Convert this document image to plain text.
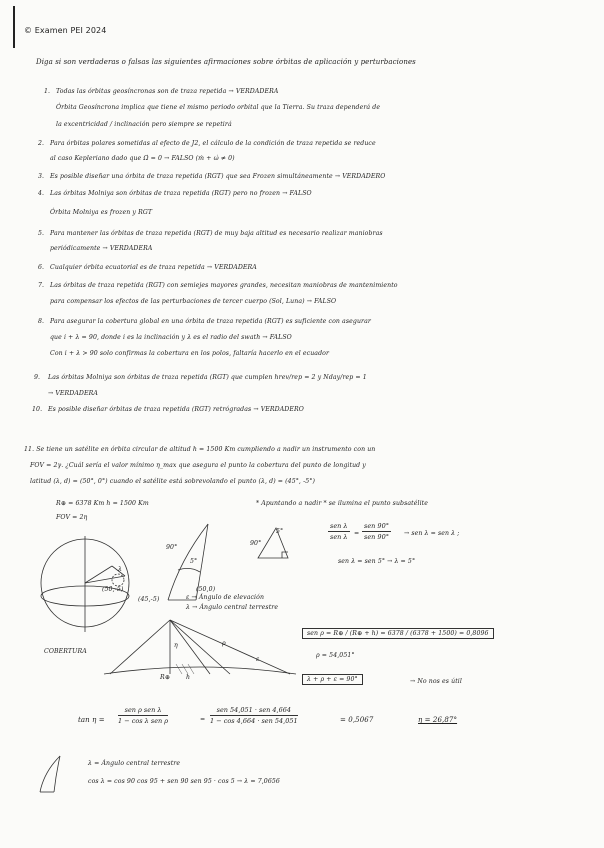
© Examen PEI 2024
Diga si son verdaderas o falsas las siguientes afirmaciones sobre órbitas de aplicación y perturbaciones
1. Todas las órbitas geosíncronas son de traza repetida → VERDADERA
Órbita Geosíncrona implica que tiene el mismo periodo orbital que la Tierra. Su traza dependerá de
la excentricidad / inclinación pero siempre se repetirá
2. Para órbitas polares sometidas al efecto de J2, el cálculo de la condición de traza repetida se reduce
al caso Kepleriano dado que Ω̇ = 0 → FALSO (ṁ + ω̇ ≠ 0)
3. Es posible diseñar una órbita de traza repetida (RGT) que sea Frozen simultáneamente → VERDADERO
4. Las órbitas Molniya son órbitas de traza repetida (RGT) pero no frozen → FALSO
Órbita Molniya es frozen y RGT
5. Para mantener las órbitas de traza repetida (RGT) de muy baja altitud es necesario realizar maniobras
periódicamente → VERDADERA
6. Cualquier órbita ecuatorial es de traza repetida → VERDADERA
7. Las órbitas de traza repetida (RGT) con semiejes mayores grandes, necesitan maniobras de mantenimiento
para compensar los efectos de las perturbaciones de tercer cuerpo (Sol, Luna) → FALSO
8. Para asegurar la cobertura global en una órbita de traza repetida (RGT) es suficiente con asegurar
que i + λ = 90, donde i es la inclinación y λ es el radio del swath → FALSO
Con i + λ > 90 solo confirmas la cobertura en los polos, faltaría hacerlo en el ecuador
9. Las órbitas Molniya son órbitas de traza repetida (RGT) que cumplen hrev/rep = 2 y Nday/rep = 1
→ VERDADERA
10. Es posible diseñar órbitas de traza repetida (RGT) retrógradas → VERDADERO
11. Se tiene un satélite en órbita circular de altitud h = 1500 Km cumpliendo a nadir un instrumento con un
FOV = 2γ. ¿Cuál sería el valor mínimo η_max que asegura el punto la cobertura del punto de longitud y
latitud (λ, d) = (50°, 0°) cuando el satélite está sobrevolando el punto (λ, d) = (45°, -5°)
R⊕ = 6378 Km h = 1500 Km
FOV = 2η
* Apuntando a nadir * se ilumina el punto subsatélite
λ
(50,-5)
90°
5°
(45,-5)
(50,0)
ε → Ángulo de elevación
λ → Ángulo central terrestre
90°
5°
sen λ
sen λ	=
sen 90°
sen 90°	→ sen λ = sen λ ;
sen λ = sen 5° → λ = 5°
COBERTURA
η	ρ
ε
R⊕	h
sen ρ = R⊕ / (R⊕ + h) = 6378 / (6378 + 1500) = 0,8096
ρ = 54,051°
λ + ρ + ε = 90°	→ No nos es útil
tan η =
sen ρ sen λ
1 − cos λ sen ρ	=
sen 54,051 · sen 4,664
1 − cos 4,664 · sen 54,051	= 0,5067	η = 26,87°
λ = Ángulo central terrestre
cos λ = cos 90 cos 95 + sen 90 sen 95 · cos 5 → λ = 7,0656
